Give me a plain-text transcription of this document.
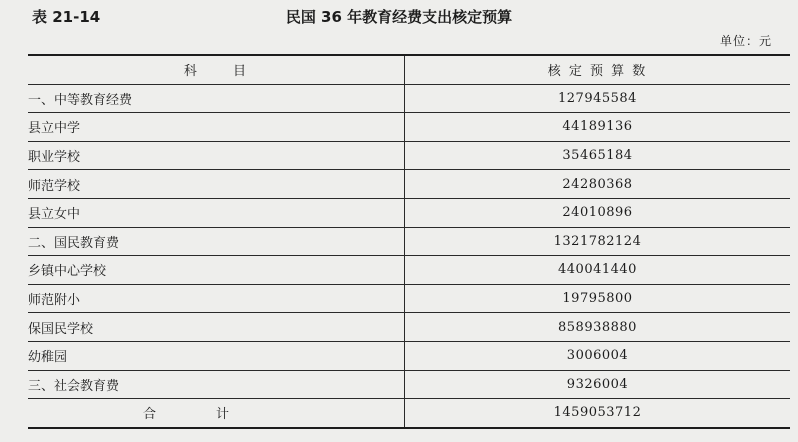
表 21-14	民国 36 年教育经费支出核定预算
单位：元
科 目	核 定 预 算 数
一、中等教育经费	127945584
县立中学	44189136
职业学校	35465184
师范学校	24280368
县立女中	24010896
二、国民教育费	1321782124
乡镇中心学校	440041440
师范附小	19795800
保国民学校	858938880
幼稚园	3006004
三、社会教育费	9326004
合计	1459053712
